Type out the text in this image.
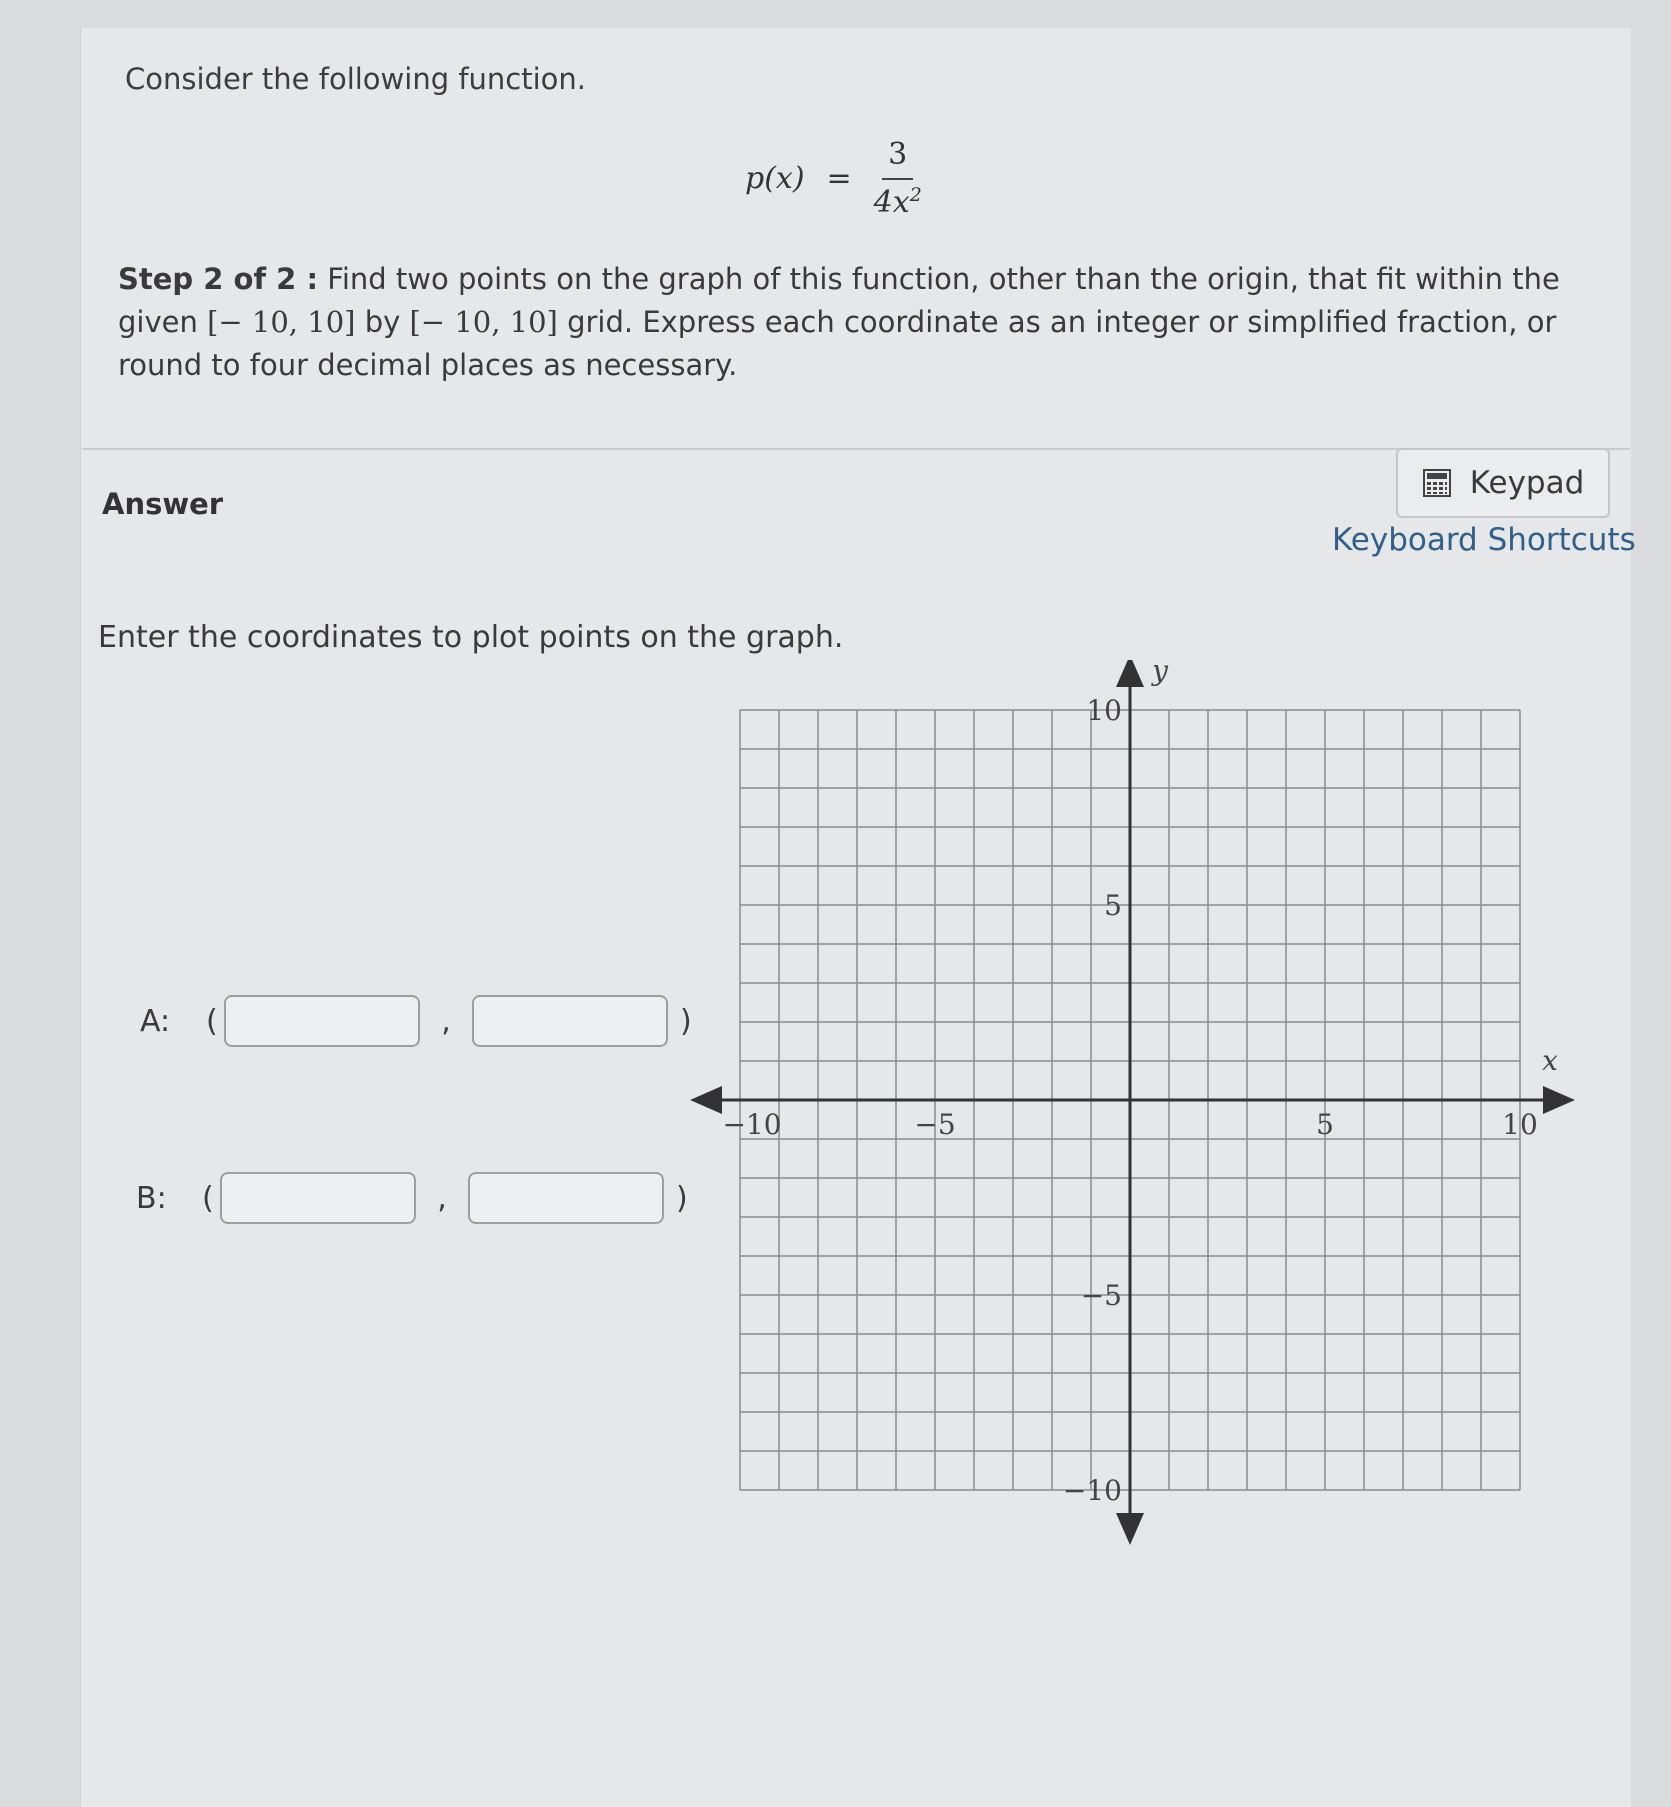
Consider the following function.
$p(x) = \frac{3}{4x^2}$
Step 2 of 2 : Find two points on the graph of this function, other than the origin, that fit within the given [− 10, 10] by [− 10, 10] grid. Express each coordinate as an integer or simplified fraction, or round to four decimal places as necessary.
Answer
Keypad
Keyboard Shortcuts
Enter the coordinates to plot points on the graph.
A:	(	,	)
B:	(	,	)
−10	−5	5	10
10
5
−5
−10
x
y
